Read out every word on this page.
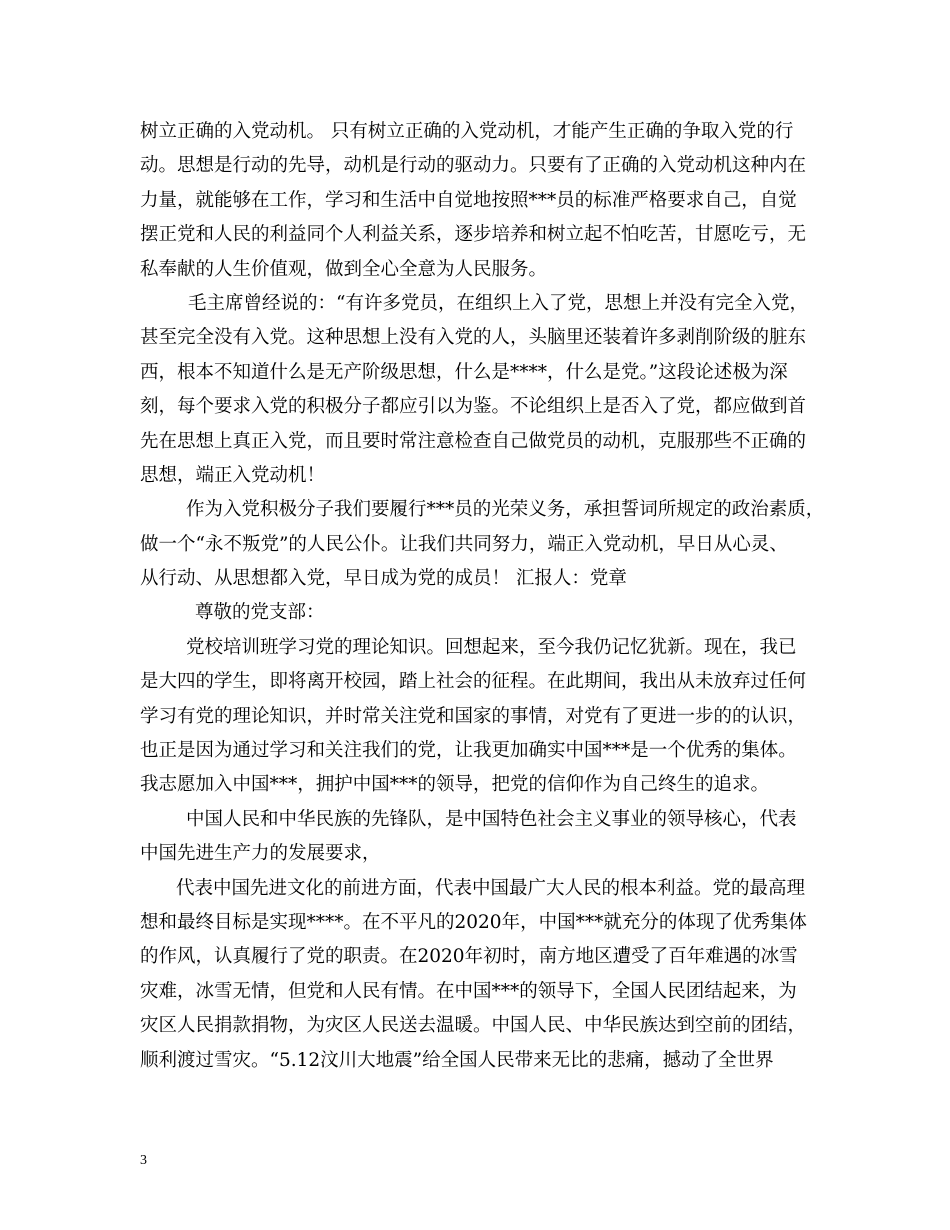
树立正确的入党动机。 只有树立正确的入党动机，才能产生正确的争取入党的行
动。思想是行动的先导，动机是行动的驱动力。只要有了正确的入党动机这种内在
力量，就能够在工作，学习和生活中自觉地按照***员的标准严格要求自己，自觉
摆正党和人民的利益同个人利益关系，逐步培养和树立起不怕吃苦，甘愿吃亏，无
私奉献的人生价值观，做到全心全意为人民服务。
毛主席曾经说的：“有许多党员，在组织上入了党，思想上并没有完全入党，
甚至完全没有入党。这种思想上没有入党的人，头脑里还装着许多剥削阶级的脏东
西，根本不知道什么是无产阶级思想，什么是****，什么是党。”这段论述极为深
刻，每个要求入党的积极分子都应引以为鉴。不论组织上是否入了党，都应做到首
先在思想上真正入党，而且要时常注意检查自己做党员的动机，克服那些不正确的
思想，端正入党动机！
作为入党积极分子我们要履行***员的光荣义务，承担誓词所规定的政治素质，
做一个“永不叛党”的人民公仆。让我们共同努力，端正入党动机，早日从心灵、
从行动、从思想都入党，早日成为党的成员！ 汇报人：党章
尊敬的党支部：
党校培训班学习党的理论知识。回想起来，至今我仍记忆犹新。现在，我已
是大四的学生，即将离开校园，踏上社会的征程。在此期间，我出从未放弃过任何
学习有党的理论知识，并时常关注党和国家的事情，对党有了更进一步的的认识，
也正是因为通过学习和关注我们的党，让我更加确实中国***是一个优秀的集体。
我志愿加入中国***，拥护中国***的领导，把党的信仰作为自己终生的追求。
中国人民和中华民族的先锋队，是中国特色社会主义事业的领导核心，代表
中国先进生产力的发展要求，
代表中国先进文化的前进方面，代表中国最广大人民的根本利益。党的最高理
想和最终目标是实现****。在不平凡的2020年，中国***就充分的体现了优秀集体
的作风，认真履行了党的职责。在2020年初时，南方地区遭受了百年难遇的冰雪
灾难，冰雪无情，但党和人民有情。在中国***的领导下，全国人民团结起来，为
灾区人民捐款捐物，为灾区人民送去温暖。中国人民、中华民族达到空前的团结，
顺利渡过雪灾。“5.12汶川大地震”给全国人民带来无比的悲痛，撼动了全世界
3
